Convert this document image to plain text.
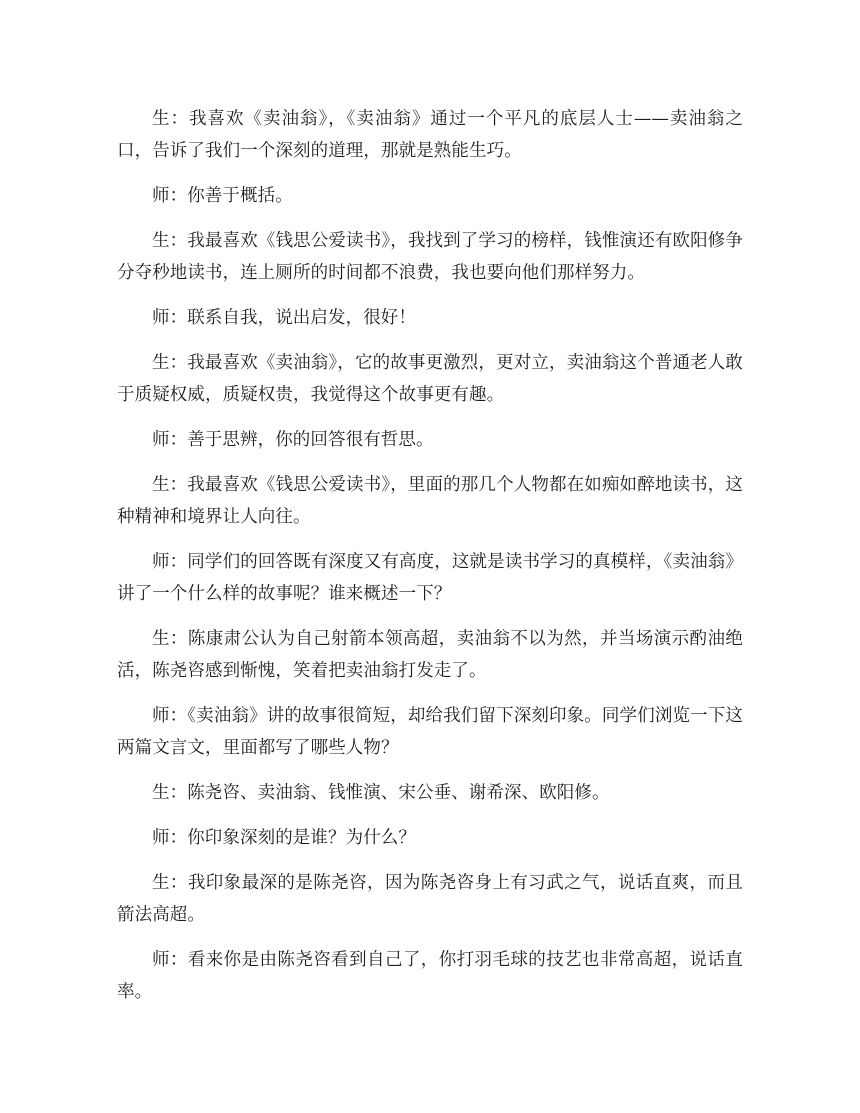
生：我喜欢《卖油翁》，《卖油翁》通过一个平凡的底层人士——卖油翁之口，告诉了我们一个深刻的道理，那就是熟能生巧。

师：你善于概括。

生：我最喜欢《钱思公爱读书》，我找到了学习的榜样，钱惟演还有欧阳修争分夺秒地读书，连上厕所的时间都不浪费，我也要向他们那样努力。

师：联系自我，说出启发，很好！

生：我最喜欢《卖油翁》，它的故事更激烈，更对立，卖油翁这个普通老人敢于质疑权威，质疑权贵，我觉得这个故事更有趣。

师：善于思辨，你的回答很有哲思。

生：我最喜欢《钱思公爱读书》，里面的那几个人物都在如痴如醉地读书，这种精神和境界让人向往。

师：同学们的回答既有深度又有高度，这就是读书学习的真模样，《卖油翁》讲了一个什么样的故事呢？谁来概述一下？

生：陈康肃公认为自己射箭本领高超，卖油翁不以为然，并当场演示酌油绝活，陈尧咨感到惭愧，笑着把卖油翁打发走了。

师：《卖油翁》讲的故事很简短，却给我们留下深刻印象。同学们浏览一下这两篇文言文，里面都写了哪些人物？

生：陈尧咨、卖油翁、钱惟演、宋公垂、谢希深、欧阳修。

师：你印象深刻的是谁？为什么？

生：我印象最深的是陈尧咨，因为陈尧咨身上有习武之气，说话直爽，而且箭法高超。

师：看来你是由陈尧咨看到自己了，你打羽毛球的技艺也非常高超，说话直率。
